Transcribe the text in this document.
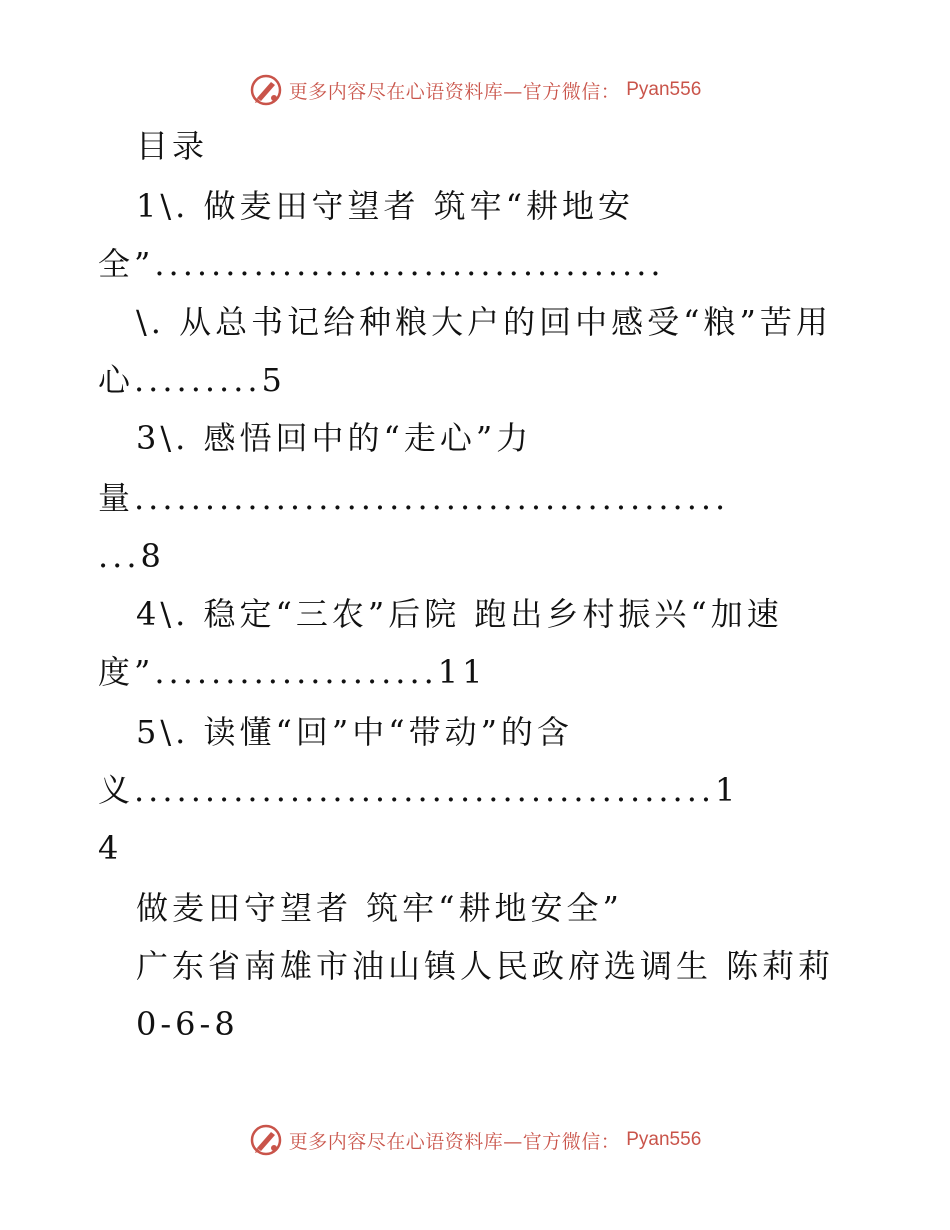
更多内容尽在心语资料库—官方微信： Pyan556
目录
1\. 做麦田守望者 筑牢“耕地安
全”....................................
\. 从总书记给种粮大户的回中感受“粮”苦用
心.........5
3\. 感悟回中的“走心”力
量..........................................
...8
4\. 稳定“三农”后院 跑出乡村振兴“加速
度”....................11
5\. 读懂“回”中“带动”的含
义.........................................1
4
做麦田守望者 筑牢“耕地安全”
广东省南雄市油山镇人民政府选调生 陈莉莉
0-6-8
更多内容尽在心语资料库—官方微信： Pyan556
